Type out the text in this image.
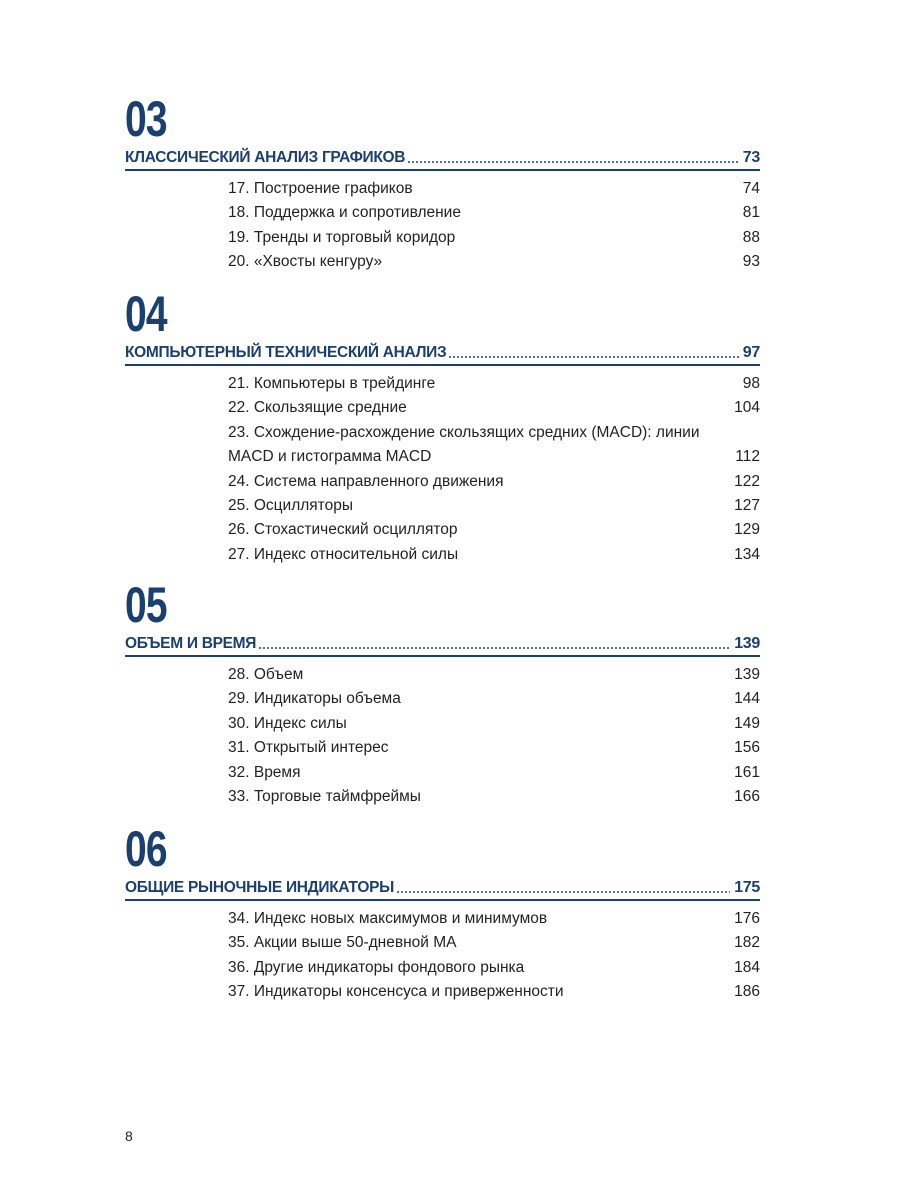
03
КЛАССИЧЕСКИЙ АНАЛИЗ ГРАФИКОВ	73
17. Построение графиков	74
18. Поддержка и сопротивление	81
19. Тренды и торговый коридор	88
20. «Хвосты кенгуру»	93
04
КОМПЬЮТЕРНЫЙ ТЕХНИЧЕСКИЙ АНАЛИЗ	97
21. Компьютеры в трейдинге	98
22. Скользящие средние	104
23. Схождение-расхождение скользящих средних (MACD): линии MACD и гистограмма MACD	112
24. Система направленного движения	122
25. Осцилляторы	127
26. Стохастический осциллятор	129
27. Индекс относительной силы	134
05
ОБЪЕМ И ВРЕМЯ	139
28. Объем	139
29. Индикаторы объема	144
30. Индекс силы	149
31. Открытый интерес	156
32. Время	161
33. Торговые таймфреймы	166
06
ОБЩИЕ РЫНОЧНЫЕ ИНДИКАТОРЫ	175
34. Индекс новых максимумов и минимумов	176
35. Акции выше 50-дневной MA	182
36. Другие индикаторы фондового рынка	184
37. Индикаторы консенсуса и приверженности	186
8
